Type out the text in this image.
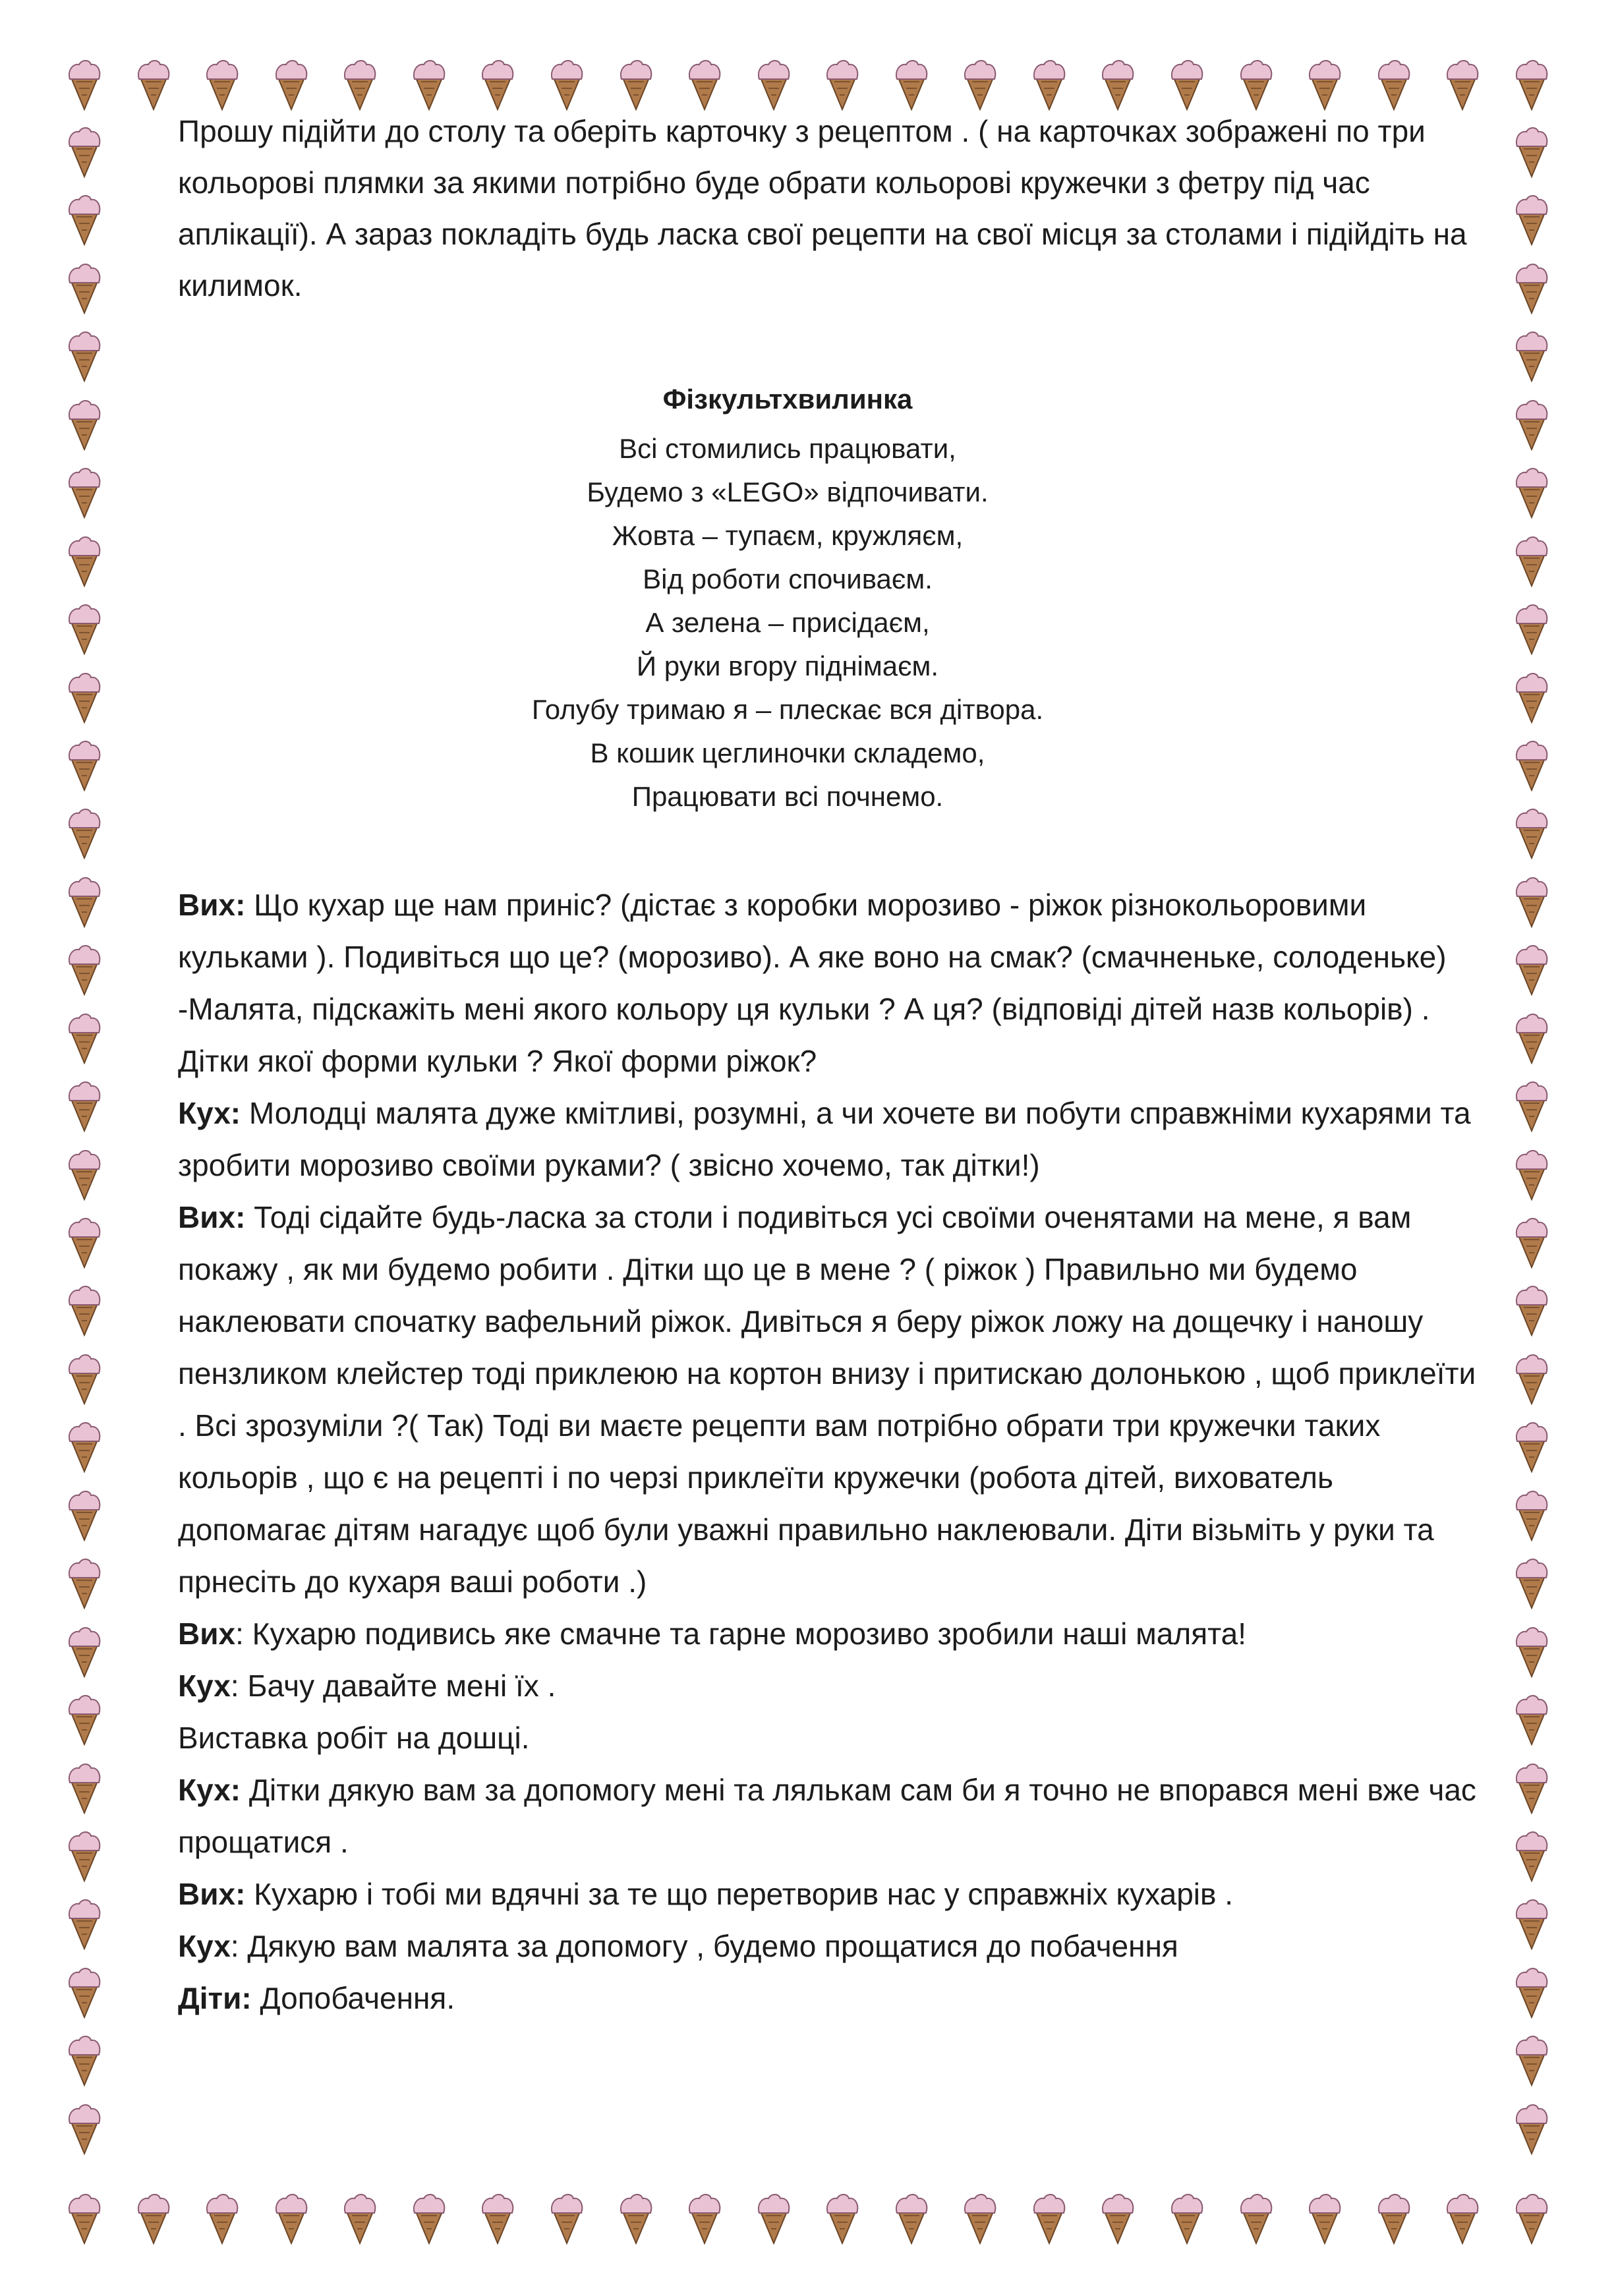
Прошу підійти до столу та оберіть карточку з рецептом . ( на карточках зображені по три кольорові плямки за якими потрібно буде обрати кольорові кружечки з фетру під час аплікації). А зараз покладіть будь ласка свої рецепти на свої місця за столами і підійдіть на килимок.

Фізкультхвилинка
Всі стомились працювати,
Будемо з «LEGO» відпочивати.
Жовта – тупаєм, кружляєм,
Від роботи спочиваєм.
А зелена – присідаєм,
Й руки вгору піднімаєм.
Голубу тримаю я – плескає вся дітвора.
В кошик цеглиночки складемо,
Працювати всі почнемо.

Вих: Що кухар ще нам приніс? (дістає з коробки морозиво - ріжок різнокольоровими кульками ). Подивіться що це? (морозиво). А яке воно на смак? (смачненьке, солоденьке)

-Малята, підскажіть мені якого кольору ця кульки ? А ця? (відповіді дітей назв кольорів) . Дітки якої форми кульки ? Якої форми ріжок?

Кух: Молодці малята дуже кмітливі, розумні, а чи хочете ви побути справжніми кухарями та зробити морозиво своїми руками? ( звісно хочемо, так дітки!)

Вих: Тоді сідайте будь-ласка за столи і подивіться усі своїми оченятами на мене, я вам покажу , як ми будемо робити . Дітки що це в мене ? ( ріжок ) Правильно ми будемо наклеювати спочатку вафельний ріжок. Дивіться я беру ріжок ложу на дощечку і наношу пензликом клейстер тоді приклеюю на кортон внизу і притискаю долонькою , щоб приклеїти . Всі зрозуміли ?( Так) Тоді ви маєте рецепти вам потрібно обрати три кружечки таких кольорів , що є на рецепті і по черзі приклеїти кружечки (робота дітей, вихователь допомагає дітям нагадує щоб були уважні правильно наклеювали. Діти візьміть у руки та прнесіть до кухаря ваші роботи .)

Вих: Кухарю подивись яке смачне та гарне морозиво зробили наші малята!

Кух: Бачу давайте мені їх .

Виставка робіт на дошці.

Кух: Дітки дякую вам за допомогу мені та лялькам сам би я точно не впорався мені вже час прощатися .

Вих: Кухарю і тобі ми вдячні за те що перетворив нас у справжніх кухарів .

Кух: Дякую вам малята за допомогу , будемо прощатися до побачення

Діти: Допобачення.
